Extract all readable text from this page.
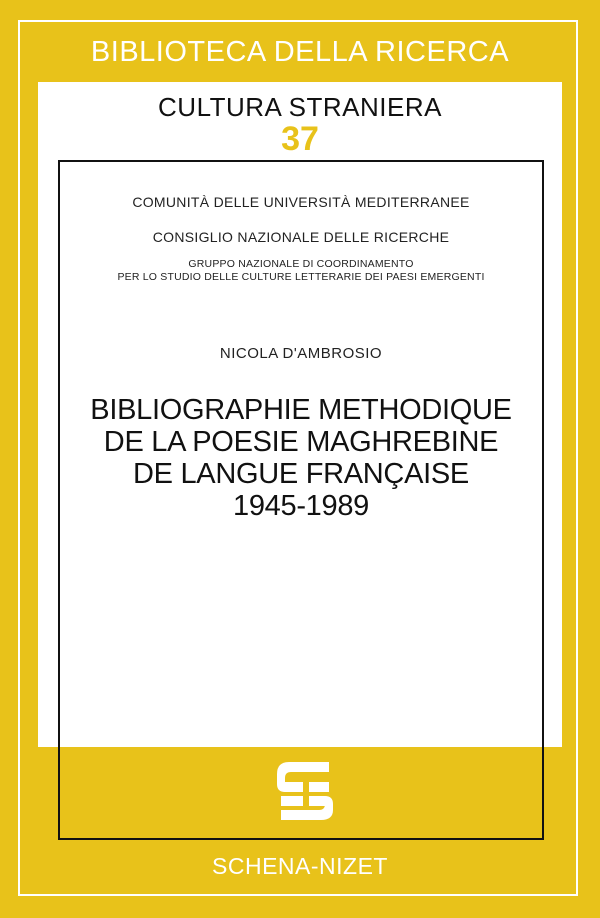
BIBLIOTECA DELLA RICERCA
CULTURA STRANIERA
37
COMUNITÀ DELLE UNIVERSITÀ MEDITERRANEE
CONSIGLIO NAZIONALE DELLE RICERCHE
GRUPPO NAZIONALE DI COORDINAMENTO
PER LO STUDIO DELLE CULTURE LETTERARIE DEI PAESI EMERGENTI
NICOLA D'AMBROSIO
BIBLIOGRAPHIE METHODIQUE
DE LA POESIE MAGHREBINE
DE LANGUE FRANÇAISE
1945-1989
SCHENA-NIZET
